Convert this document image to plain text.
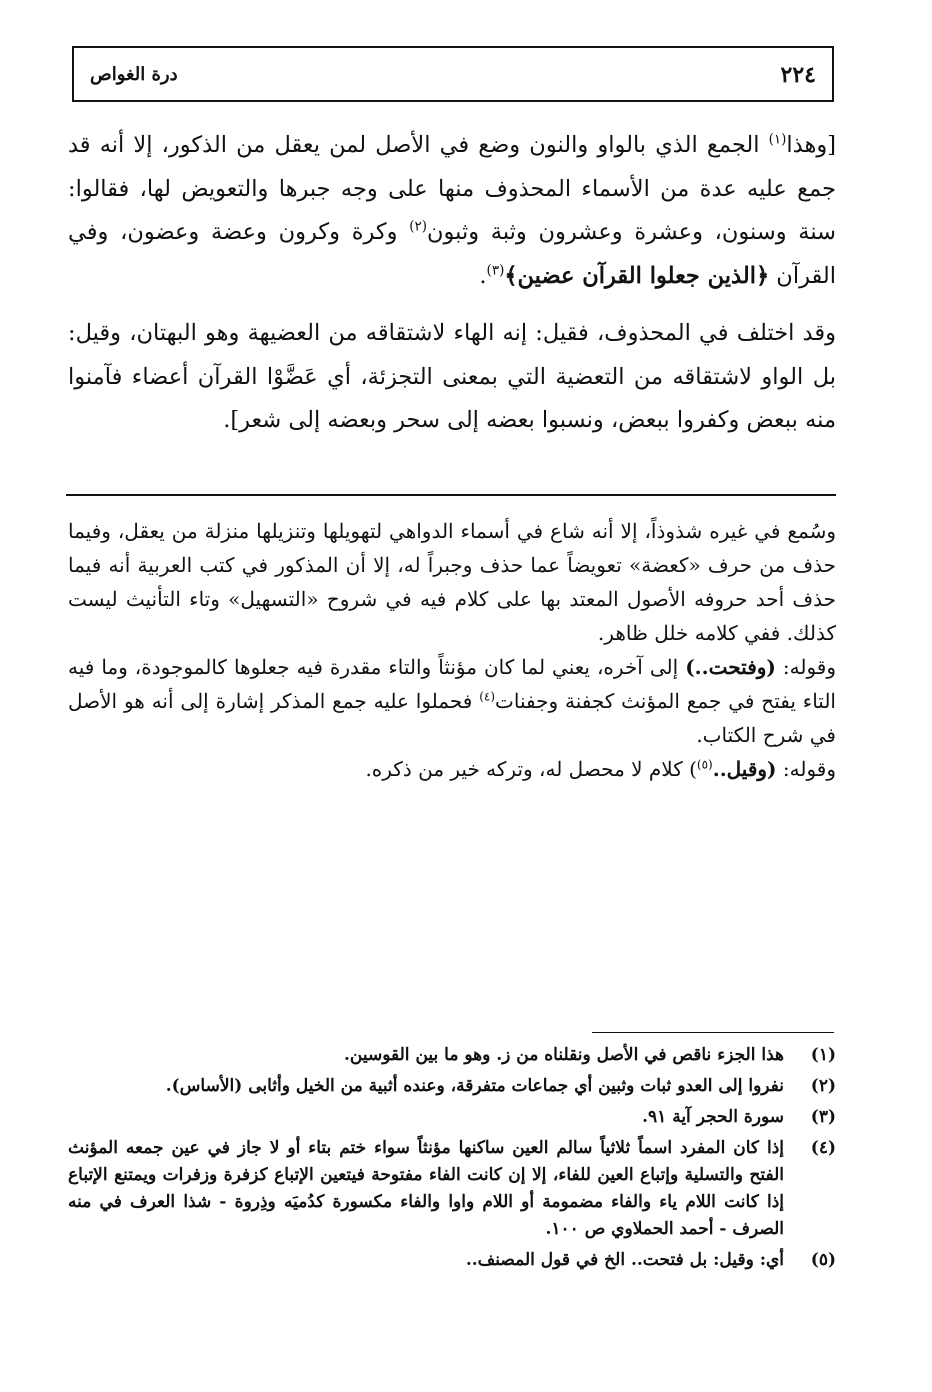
٢٢٤
درة الغواص

[وهذا$^{(١)}$ الجمع الذي بالواو والنون وضع في الأصل لمن يعقل من الذكور، إلا أنه قد جمع عليه عدة من الأسماء المحذوف منها على وجه جبرها والتعويض لها، فقالوا: سنة وسنون، وعشرة وعشرون وثبة وثبون$^{(٢)}$ وكرة وكرون وعضة وعضون، وفي القرآن ﴿الذين جعلوا القرآن عضين﴾$^{(٣)}$.

وقد اختلف في المحذوف، فقيل: إنه الهاء لاشتقاقه من العضيهة وهو البهتان، وقيل: بل الواو لاشتقاقه من التعضية التي بمعنى التجزئة، أي عَضَّوْا القرآن أعضاء فآمنوا منه ببعض وكفروا ببعض، ونسبوا بعضه إلى سحر وبعضه إلى شعر].

وسُمع في غيره شذوذاً، إلا أنه شاع في أسماء الدواهي لتهويلها وتنزيلها منزلة من يعقل، وفيما حذف من حرف «كعضة» تعويضاً عما حذف وجبراً له، إلا أن المذكور في كتب العربية أنه فيما حذف أحد حروفه الأصول المعتد بها على كلام فيه في شروح «التسهيل» وتاء التأنيث ليست كذلك. ففي كلامه خلل ظاهر.

وقوله: (وفتحت..) إلى آخره، يعني لما كان مؤنثاً والتاء مقدرة فيه جعلوها كالموجودة، وما فيه التاء يفتح في جمع المؤنث كجفنة وجفنات$^{(٤)}$ فحملوا عليه جمع المذكر إشارة إلى أنه هو الأصل في شرح الكتاب.

وقوله: (وقيل..$^{(٥)}$) كلام لا محصل له، وتركه خير من ذكره.

(١)
هذا الجزء ناقص في الأصل ونقلناه من ز. وهو ما بين القوسين.
(٢)
نفروا إلى العدو ثبات وثبين أي جماعات متفرقة، وعنده أثبية من الخيل وأثابى (الأساس).
(٣)
سورة الحجر آية ٩١.
(٤)
إذا كان المفرد اسماً ثلاثياً سالم العين ساكنها مؤنثاً سواء ختم بتاء أو لا جاز في عين جمعه المؤنث الفتح والتسلية وإتباع العين للفاء، إلا إن كانت الفاء مفتوحة فيتعين الإتباع كزفرة وزفرات ويمتنع الإتباع إذا كانت اللام ياء والفاء مضمومة أو اللام واوا والفاء مكسورة كدُميَه وذِروة - شذا العرف في منه الصرف - أحمد الحملاوي ص ١٠٠.
(٥)
أي: وقيل: بل فتحت.. الخ في قول المصنف..
